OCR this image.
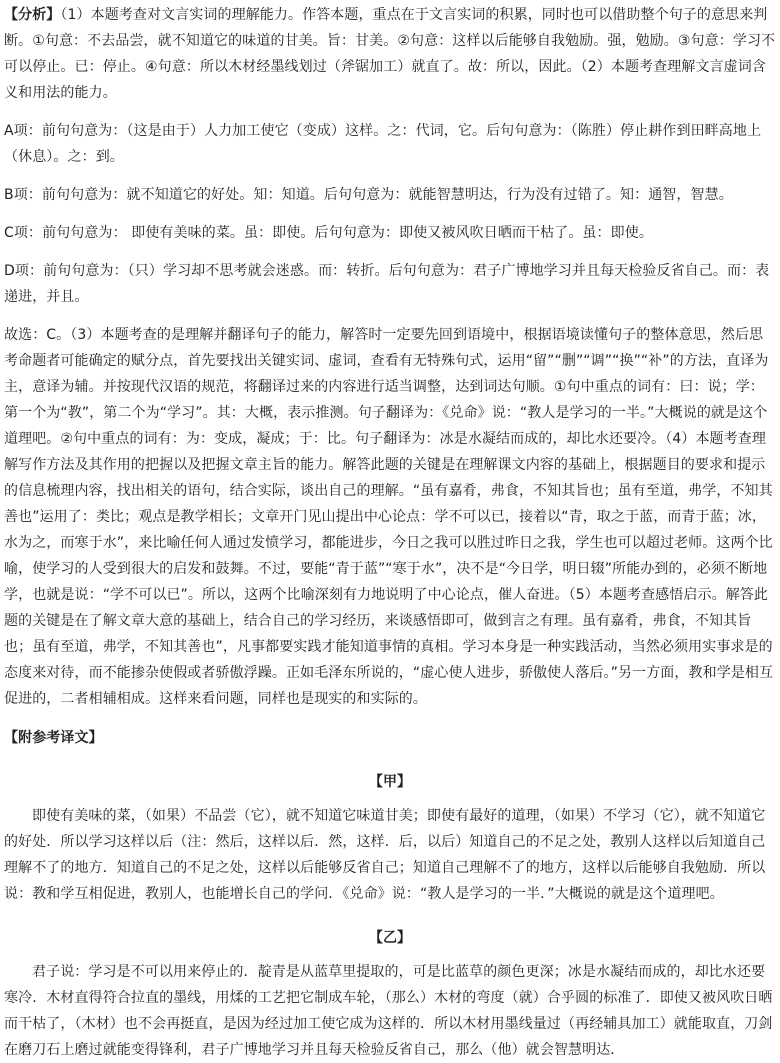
【分析】（1）本题考查对文言实词的理解能力。作答本题，重点在于文言实词的积累，同时也可以借助整个句子的意思来判断。①句意：不去品尝，就不知道它的味道的甘美。旨：甘美。②句意：这样以后能够自我勉励。强，勉励。③句意：学习不可以停止。已：停止。④句意：所以木材经墨线划过（斧锯加工）就直了。故：所以，因此。（2）本题考查理解文言虚词含义和用法的能力。

A项：前句句意为：（这是由于）人力加工使它（变成）这样。之：代词，它。后句句意为：（陈胜）停止耕作到田畔高地上（休息）。之：到。

B项：前句句意为：就不知道它的好处。知：知道。后句句意为：就能智慧明达，行为没有过错了。知：通智，智慧。

C项：前句句意为： 即使有美味的菜。虽：即使。后句句意为：即使又被风吹日晒而干枯了。虽：即使。

D项：前句句意为：（只）学习却不思考就会迷惑。而：转折。后句句意为：君子广博地学习并且每天检验反省自己。而：表递进，并且。

故选：C。（3）本题考查的是理解并翻译句子的能力，解答时一定要先回到语境中，根据语境读懂句子的整体意思，然后思考命题者可能确定的赋分点，首先要找出关键实词、虚词，查看有无特殊句式，运用“留”“删”“调”“换”“补”的方法，直译为主，意译为辅。并按现代汉语的规范，将翻译过来的内容进行适当调整，达到词达句顺。①句中重点的词有：曰：说；学：第一个为“教”，第二个为“学习”。其：大概，表示推测。句子翻译为：《兑命》说：“教人是学习的一半。”大概说的就是这个道理吧。②句中重点的词有：为：变成，凝成；于：比。句子翻译为：冰是水凝结而成的，却比水还要冷。（4）本题考查理解写作方法及其作用的把握以及把握文章主旨的能力。解答此题的关键是在理解课文内容的基础上，根据题目的要求和提示的信息梳理内容，找出相关的语句，结合实际，谈出自己的理解。“虽有嘉肴，弗食，不知其旨也；虽有至道，弗学，不知其善也”运用了：类比；观点是教学相长；文章开门见山提出中心论点：学不可以已，接着以“青，取之于蓝，而青于蓝；冰，水为之，而寒于水”，来比喻任何人通过发愤学习，都能进步，今日之我可以胜过昨日之我，学生也可以超过老师。这两个比喻，使学习的人受到很大的启发和鼓舞。不过，要能“青于蓝”“寒于水”，决不是“今日学，明日辍”所能办到的，必须不断地学，也就是说：“学不可以已”。所以，这两个比喻深刻有力地说明了中心论点，催人奋进。（5）本题考查感悟启示。解答此题的关键是在了解文章大意的基础上，结合自己的学习经历，来谈感悟即可，做到言之有理。虽有嘉肴，弗食，不知其旨也；虽有至道，弗学，不知其善也”，凡事都要实践才能知道事情的真相。学习本身是一种实践活动，当然必须用实事求是的态度来对待，而不能掺杂使假或者骄傲浮躁。正如毛泽东所说的，“虚心使人进步，骄傲使人落后。”另一方面，教和学是相互促进的，二者相辅相成。这样来看问题，同样也是现实的和实际的。

【附参考译文】

【甲】

即使有美味的菜，（如果）不品尝（它），就不知道它味道甘美；即使有最好的道理，（如果）不学习（它），就不知道它的好处．所以学习这样以后（注：然后，这样以后．然，这样．后，以后）知道自己的不足之处，教别人这样以后知道自己理解不了的地方．知道自己的不足之处，这样以后能够反省自己；知道自己理解不了的地方，这样以后能够自我勉励．所以说：教和学互相促进，教别人，也能增长自己的学问．《兑命》说：“教人是学习的一半．”大概说的就是这个道理吧。

【乙】

君子说：学习是不可以用来停止的．靛青是从蓝草里提取的，可是比蓝草的颜色更深；冰是水凝结而成的，却比水还要寒冷．木材直得符合拉直的墨线，用煣的工艺把它制成车轮，（那么）木材的弯度（就）合乎圆的标准了．即使又被风吹日晒而干枯了，（木材）也不会再挺直，是因为经过加工使它成为这样的．所以木材用墨线量过（再经辅具加工）就能取直，刀剑在磨刀石上磨过就能变得锋利，君子广博地学习并且每天检验反省自己，那么（他）就会智慧明达．
